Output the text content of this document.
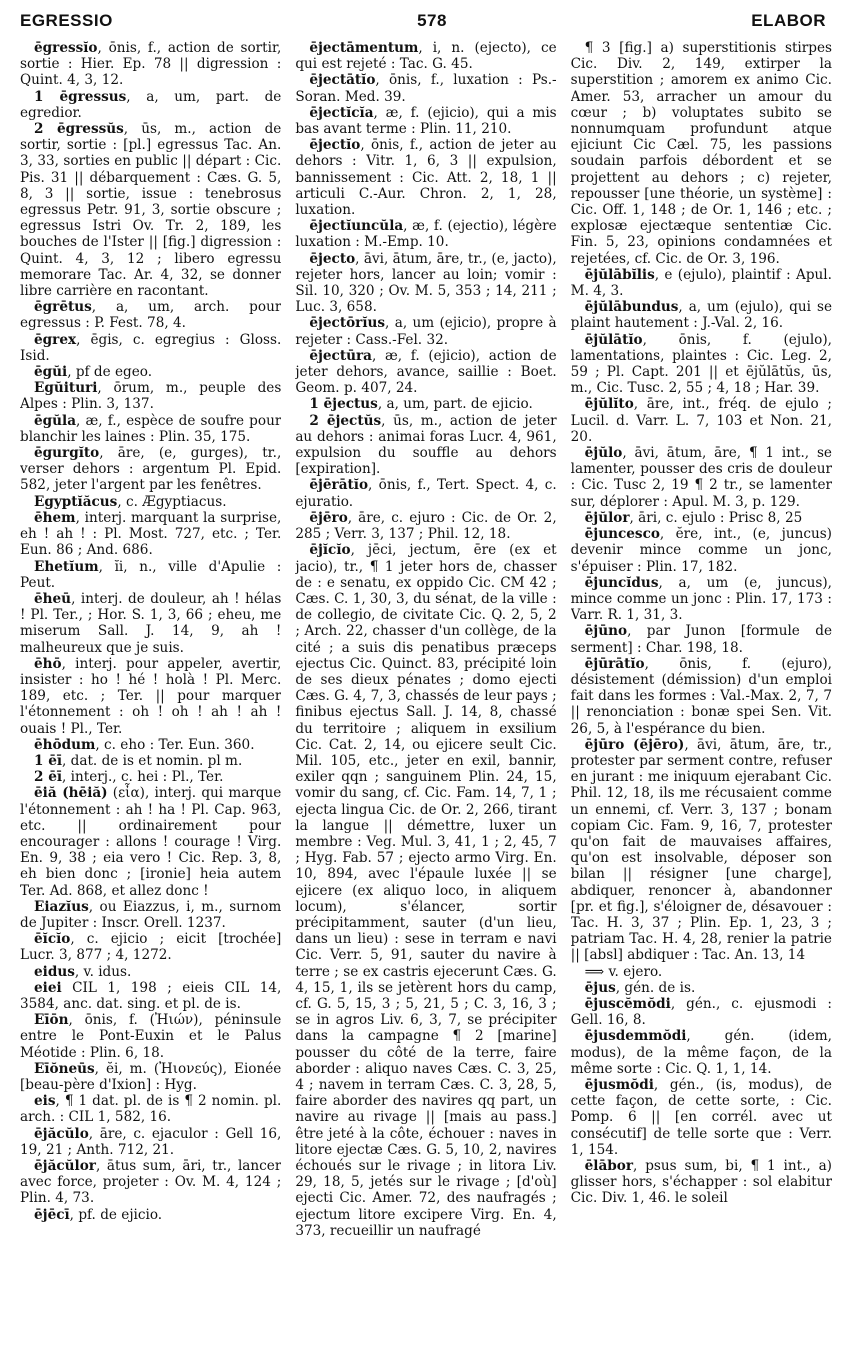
EGRESSIO	578	ELABOR

ēgressĭo, ōnis, f., action de sortir, sortie : Hier. Ep. 78 || digression : Quint. 4, 3, 12.

1 ēgressus, a, um, part. de egredior.

2 ēgressŭs, ūs, m., action de sortir, sortie : [pl.] egressus Tac. An. 3, 33, sorties en public || départ : Cic. Pis. 31 || débarquement : Cæs. G. 5, 8, 3 || sortie, issue : tenebrosus egressus Petr. 91, 3, sortie obscure ; egressus Istri Ov. Tr. 2, 189, les bouches de l'Ister || [fig.] digression : Quint. 4, 3, 12 ; libero egressu memorare Tac. Ar. 4, 32, se donner libre carrière en racontant.

ēgrētus, a, um, arch. pour egressus : P. Fest. 78, 4.

ēgrex, ēgis, c. egregius : Gloss. Isid.

ēgŭi, pf de egeo.

Egŭituri, ōrum, m., peuple des Alpes : Plin. 3, 137.

ēgŭla, æ, f., espèce de soufre pour blanchir les laines : Plin. 35, 175.

ēgurgĭto, āre, (e, gurges), tr., verser dehors : argentum Pl. Epid. 582, jeter l'argent par les fenêtres.

Egyptĭăcus, c. Ægyptiacus.

ēhem, interj. marquant la surprise, eh ! ah ! : Pl. Most. 727, etc. ; Ter. Eun. 86 ; And. 686.

Ehetĭum, ĭi, n., ville d'Apulie : Peut.

ēheū, interj. de douleur, ah ! hélas ! Pl. Ter., ; Hor. S. 1, 3, 66 ; eheu, me miserum Sall. J. 14, 9, ah ! malheureux que je suis.

ēhō, interj. pour appeler, avertir, insister : ho ! hé ! holà ! Pl. Merc. 189, etc. ; Ter. || pour marquer l'étonnement : oh ! oh ! ah ! ah ! ouais ! Pl., Ter.

ēhōdum, c. eho : Ter. Eun. 360.

1 ēī, dat. de is et nomin. pl m.

2 ēī, interj., c. hei : Pl., Ter.

ēiă (hēiă) (εἶα), interj. qui marque l'étonnement : ah ! ha ! Pl. Cap. 963, etc. || ordinairement pour encourager : allons ! courage ! Virg. En. 9, 38 ; eia vero ! Cic. Rep. 3, 8, eh bien donc ; [ironie] heia autem Ter. Ad. 868, et allez donc !

Eiazĭus, ou Eiazzus, i, m., surnom de Jupiter : Inscr. Orell. 1237.

ēĭcĭo, c. ejicio ; eicit [trochée] Lucr. 3, 877 ; 4, 1272.

eidus, v. idus.

eiei CIL 1, 198 ; eieis CIL 14, 3584, anc. dat. sing. et pl. de is.

Eīōn, ōnis, f. (Ἠιών), péninsule entre le Pont-Euxin et le Palus Méotide : Plin. 6, 18.

Eīŏneūs, ĕi, m. (Ἠιονεύς), Eionée [beau-père d'Ixion] : Hyg.

eis, ¶ 1 dat. pl. de is ¶ 2 nomin. pl. arch. : CIL 1, 582, 16.

ējăcŭlo, āre, c. ejaculor : Gell 16, 19, 21 ; Anth. 712, 21.

ējăcŭlor, ātus sum, āri, tr., lancer avec force, projeter : Ov. M. 4, 124 ; Plin. 4, 73.

ējēcī, pf. de ejicio.

ējectāmentum, i, n. (ejecto), ce qui est rejeté : Tac. G. 45.

ējectātĭo, ōnis, f., luxation : Ps.-Soran. Med. 39.

ējectĭcĭa, æ, f. (ejicio), qui a mis bas avant terme : Plin. 11, 210.

ējectĭo, ōnis, f., action de jeter au dehors : Vitr. 1, 6, 3 || expulsion, bannissement : Cic. Att. 2, 18, 1 || articuli C.-Aur. Chron. 2, 1, 28, luxation.

ējectĭuncŭla, æ, f. (ejectio), légère luxation : M.-Emp. 10.

ējecto, āvi, ātum, āre, tr., (e, jacto), rejeter hors, lancer au loin; vomir : Sil. 10, 320 ; Ov. M. 5, 353 ; 14, 211 ; Luc. 3, 658.

ējectōrĭus, a, um (ejicio), propre à rejeter : Cass.-Fel. 32.

ējectūra, æ, f. (ejicio), action de jeter dehors, avance, saillie : Boet. Geom. p. 407, 24.

1 ējectus, a, um, part. de ejicio.

2 ējectŭs, ūs, m., action de jeter au dehors : animai foras Lucr. 4, 961, expulsion du souffle au dehors [expiration].

ējērātĭo, ōnis, f., Tert. Spect. 4, c. ejuratio.

ējēro, āre, c. ejuro : Cic. de Or. 2, 285 ; Verr. 3, 137 ; Phil. 12, 18.

ējĭcĭo, jēci, jectum, ēre (ex et jacio), tr., ¶ 1 jeter hors de, chasser de : e senatu, ex oppido Cic. CM 42 ; Cæs. C. 1, 30, 3, du sénat, de la ville : de collegio, de civitate Cic. Q. 2, 5, 2 ; Arch. 22, chasser d'un collège, de la cité ; a suis dis penatibus præceps ejectus Cic. Quinct. 83, précipité loin de ses dieux pénates ; domo ejecti Cæs. G. 4, 7, 3, chassés de leur pays ; finibus ejectus Sall. J. 14, 8, chassé du territoire ; aliquem in exsilium Cic. Cat. 2, 14, ou ejicere seult Cic. Mil. 105, etc., jeter en exil, bannir, exiler qqn ; sanguinem Plin. 24, 15, vomir du sang, cf. Cic. Fam. 14, 7, 1 ; ejecta lingua Cic. de Or. 2, 266, tirant la langue || démettre, luxer un membre : Veg. Mul. 3, 41, 1 ; 2, 45, 7 ; Hyg. Fab. 57 ; ejecto armo Virg. En. 10, 894, avec l'épaule luxée || se ejicere (ex aliquo loco, in aliquem locum), s'élancer, sortir précipitamment, sauter (d'un lieu, dans un lieu) : sese in terram e navi Cic. Verr. 5, 91, sauter du navire à terre ; se ex castris ejecerunt Cæs. G. 4, 15, 1, ils se jetèrent hors du camp, cf. G. 5, 15, 3 ; 5, 21, 5 ; C. 3, 16, 3 ; se in agros Liv. 6, 3, 7, se précipiter dans la campagne ¶ 2 [marine] pousser du côté de la terre, faire aborder : aliquo naves Cæs. C. 3, 25, 4 ; navem in terram Cæs. C. 3, 28, 5, faire aborder des navires qq part, un navire au rivage || [mais au pass.] être jeté à la côte, échouer : naves in litore ejectæ Cæs. G. 5, 10, 2, navires échoués sur le rivage ; in litora Liv. 29, 18, 5, jetés sur le rivage ; [d'où] ejecti Cic. Amer. 72, des naufragés ; ejectum litore excipere Virg. En. 4, 373, recueillir un naufragé

¶ 3 [fig.] a) superstitionis stirpes Cic. Div. 2, 149, extirper la superstition ; amorem ex animo Cic. Amer. 53, arracher un amour du cœur ; b) voluptates subito se nonnumquam profundunt atque ejiciunt Cic Cæl. 75, les passions soudain parfois débordent et se projettent au dehors ; c) rejeter, repousser [une théorie, un système] : Cic. Off. 1, 148 ; de Or. 1, 146 ; etc. ; explosæ ejectæque sententiæ Cic. Fin. 5, 23, opinions condamnées et rejetées, cf. Cic. de Or. 3, 196.

ējŭlābĭlis, e (ejulo), plaintif : Apul. M. 4, 3.

ējŭlābundus, a, um (ejulo), qui se plaint hautement : J.-Val. 2, 16.

ējŭlātĭo, ōnis, f. (ejulo), lamentations, plaintes : Cic. Leg. 2, 59 ; Pl. Capt. 201 || et ējŭlātŭs, ūs, m., Cic. Tusc. 2, 55 ; 4, 18 ; Har. 39.

ējŭlĭto, āre, int., fréq. de ejulo ; Lucil. d. Varr. L. 7, 103 et Non. 21, 20.

ējŭlo, āvi, ātum, āre, ¶ 1 int., se lamenter, pousser des cris de douleur : Cic. Tusc 2, 19 ¶ 2 tr., se lamenter sur, déplorer : Apul. M. 3, p. 129.

ējŭlor, āri, c. ejulo : Prisc 8, 25

ējuncesco, ĕre, int., (e, juncus) devenir mince comme un jonc, s'épuiser : Plin. 17, 182.

ējuncĭdus, a, um (e, juncus), mince comme un jonc : Plin. 17, 173 : Varr. R. 1, 31, 3.

ējūno, par Junon [formule de serment] : Char. 198, 18.

ējūrātĭo, ōnis, f. (ejuro), désistement (démission) d'un emploi fait dans les formes : Val.-Max. 2, 7, 7 || renonciation : bonæ spei Sen. Vit. 26, 5, à l'espérance du bien.

ējūro (ējēro), āvi, ātum, āre, tr., protester par serment contre, refuser en jurant : me iniquum ejerabant Cic. Phil. 12, 18, ils me récusaient comme un ennemi, cf. Verr. 3, 137 ; bonam copiam Cic. Fam. 9, 16, 7, protester qu'on fait de mauvaises affaires, qu'on est insolvable, déposer son bilan || résigner [une charge], abdiquer, renoncer à, abandonner [pr. et fig.], s'éloigner de, désavouer : Tac. H. 3, 37 ; Plin. Ep. 1, 23, 3 ; patriam Tac. H. 4, 28, renier la patrie || [absl] abdiquer : Tac. An. 13, 14

⟹ v. ejero.

ējus, gén. de is.

ējuscĕmŏdi, gén., c. ejusmodi : Gell. 16, 8.

ējusdemmŏdi, gén. (idem, modus), de la même façon, de la même sorte : Cic. Q. 1, 1, 14.

ējusmŏdi, gén., (is, modus), de cette façon, de cette sorte, : Cic. Pomp. 6 || [en corrél. avec ut consécutif] de telle sorte que : Verr. 1, 154.

ēlābor, psus sum, bi, ¶ 1 int., a) glisser hors, s'échapper : sol elabitur Cic. Div. 1, 46. le soleil
